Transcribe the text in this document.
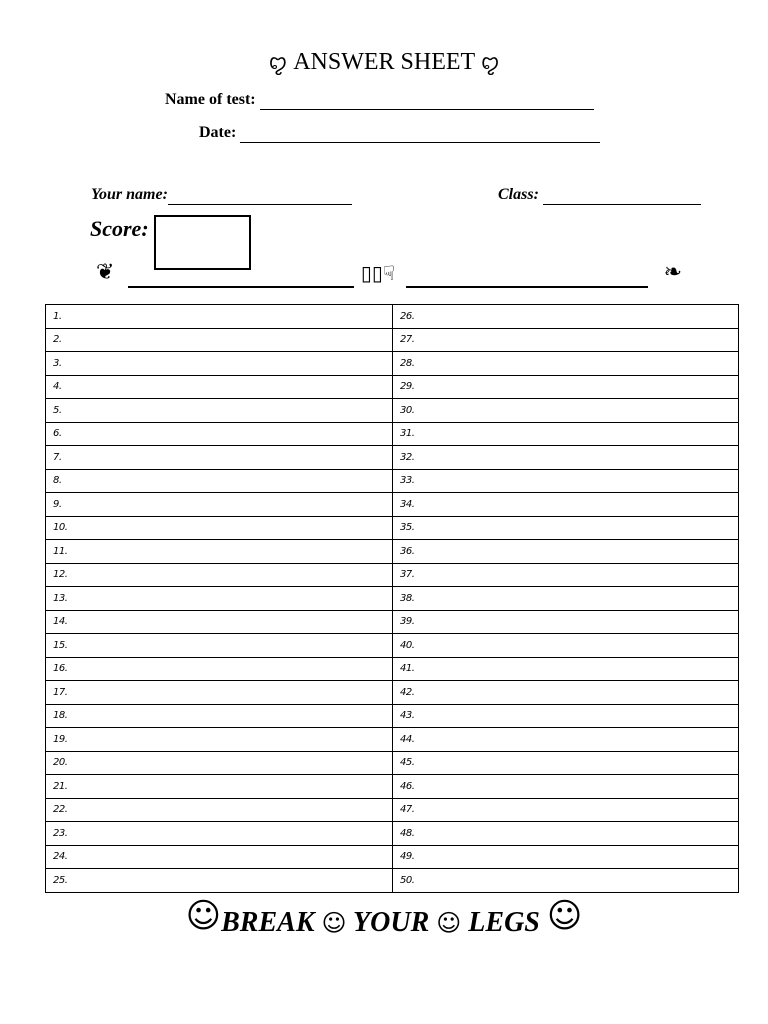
ꨄ ANSWER SHEET ꨄ
Name of test:
Date:
Your name:	Class:
Score:
❦	▯▯☟	❧
1.	26.
2.	27.
3.	28.
4.	29.
5.	30.
6.	31.
7.	32.
8.	33.
9.	34.
10.	35.
11.	36.
12.	37.
13.	38.
14.	39.
15.	40.
16.	41.
17.	42.
18.	43.
19.	44.
20.	45.
21.	46.
22.	47.
23.	48.
24.	49.
25.	50.
☺BREAK ☺ YOUR ☺ LEGS ☺
